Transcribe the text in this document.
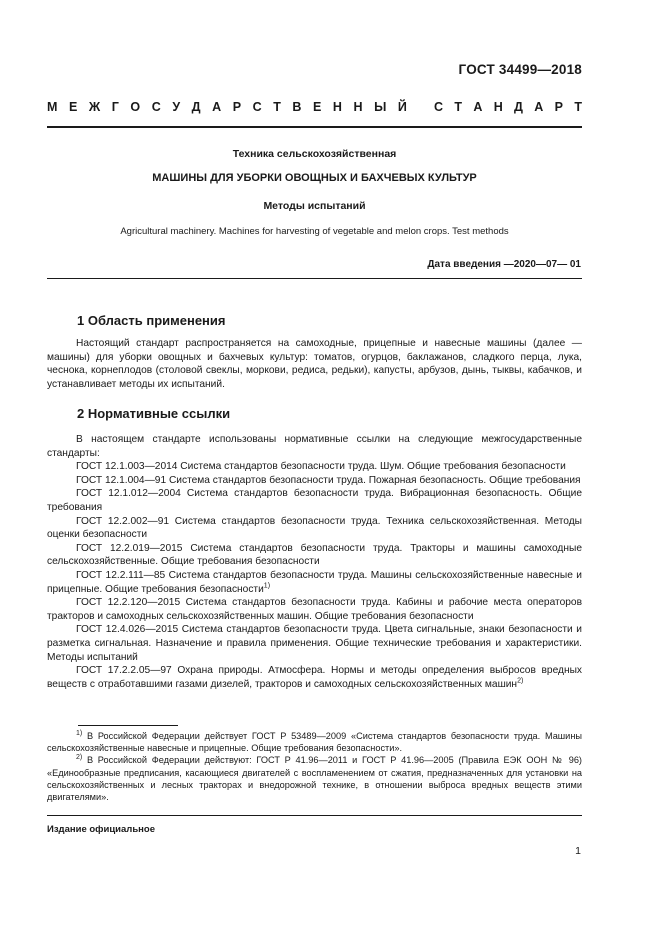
ГОСТ 34499—2018
М Е Ж Г О С У Д А Р С Т В Е Н Н Ы Й С Т А Н Д А Р Т
Техника сельскохозяйственная
МАШИНЫ ДЛЯ УБОРКИ ОВОЩНЫХ И БАХЧЕВЫХ КУЛЬТУР
Методы испытаний
Agricultural machinery. Machines for harvesting of vegetable and melon crops. Test methods
Дата введения —2020—07— 01
1 Область применения

Настоящий стандарт распространяется на самоходные, прицепные и навесные машины (далее — машины) для уборки овощных и бахчевых культур: томатов, огурцов, баклажанов, сладкого перца, лука, чеснока, корнеплодов (столовой свеклы, моркови, редиса, редьки), капусты, арбузов, дынь, тыквы, кабачков, и устанавливает методы их испытаний.

2 Нормативные ссылки

В настоящем стандарте использованы нормативные ссылки на следующие межгосударственные стандарты:

ГОСТ 12.1.003—2014 Система стандартов безопасности труда. Шум. Общие требования безопасности

ГОСТ 12.1.004—91 Система стандартов безопасности труда. Пожарная безопасность. Общие требования

ГОСТ 12.1.012—2004 Система стандартов безопасности труда. Вибрационная безопасность. Общие требования

ГОСТ 12.2.002—91 Система стандартов безопасности труда. Техника сельскохозяйственная. Методы оценки безопасности

ГОСТ 12.2.019—2015 Система стандартов безопасности труда. Тракторы и машины самоходные сельскохозяйственные. Общие требования безопасности

ГОСТ 12.2.111—85 Система стандартов безопасности труда. Машины сельскохозяйственные навесные и прицепные. Общие требования безопасности$^{1)}$

ГОСТ 12.2.120—2015 Система стандартов безопасности труда. Кабины и рабочие места операторов тракторов и самоходных сельскохозяйственных машин. Общие требования безопасности

ГОСТ 12.4.026—2015 Система стандартов безопасности труда. Цвета сигнальные, знаки безопасности и разметка сигнальная. Назначение и правила применения. Общие технические требования и характеристики. Методы испытаний

ГОСТ 17.2.2.05—97 Охрана природы. Атмосфера. Нормы и методы определения выбросов вредных веществ с отработавшими газами дизелей, тракторов и самоходных сельскохозяйственных машин$^{2)}$

$^{1)}$ В Российской Федерации действует ГОСТ Р 53489—2009 «Система стандартов безопасности труда. Машины сельскохозяйственные навесные и прицепные. Общие требования безопасности».

$^{2)}$ В Российской Федерации действуют: ГОСТ Р 41.96—2011 и ГОСТ Р 41.96—2005 (Правила ЕЭК ООН № 96) «Единообразные предписания, касающиеся двигателей с воспламенением от сжатия, предназначенных для установки на сельскохозяйственных и лесных тракторах и внедорожной технике, в отношении выброса вредных веществ этими двигателями».

Издание официальное
1
